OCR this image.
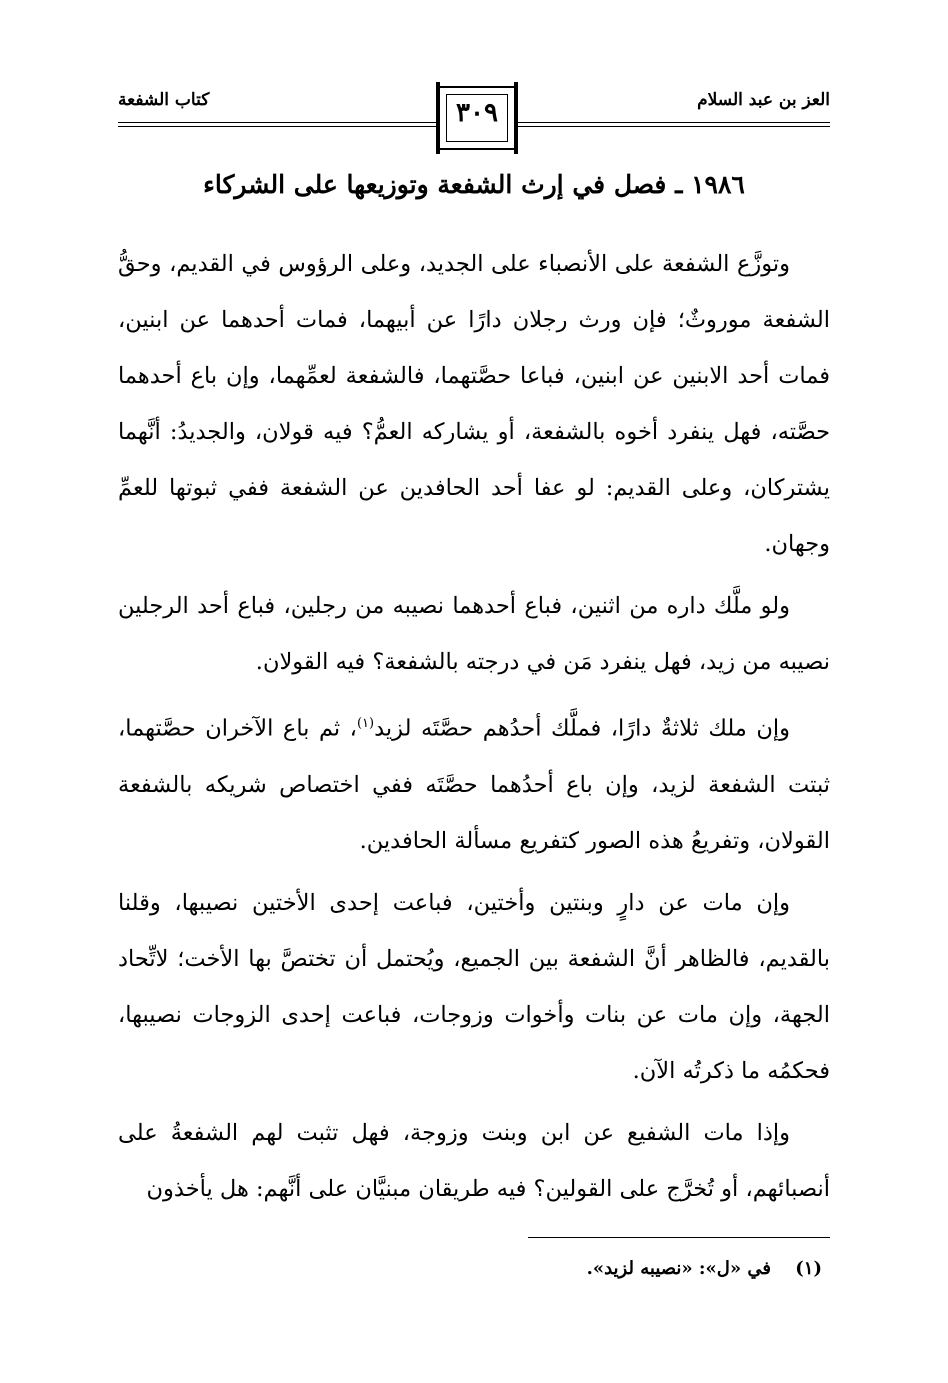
العز بن عبد السلام
كتاب الشفعة	٣٠٩
١٩٨٦ ـ فصل في إرث الشفعة وتوزيعها على الشركاء

وتوزَّع الشفعة على الأنصباء على الجديد، وعلى الرؤوس في القديم، وحقُّ الشفعة موروثٌ؛ فإن ورث رجلان دارًا عن أبيهما، فمات أحدهما عن ابنين، فمات أحد الابنين عن ابنين، فباعا حصَّتهما، فالشفعة لعمِّهما، وإن باع أحدهما حصَّته، فهل ينفرد أخوه بالشفعة، أو يشاركه العمُّ؟ فيه قولان، والجديدُ: أنَّهما يشتركان، وعلى القديم: لو عفا أحد الحافدين عن الشفعة ففي ثبوتها للعمِّ وجهان.

ولو ملَّك داره من اثنين، فباع أحدهما نصيبه من رجلين، فباع أحد الرجلين نصيبه من زيد، فهل ينفرد مَن في درجته بالشفعة؟ فيه القولان.

وإن ملك ثلاثةٌ دارًا، فملَّك أحدُهم حصَّتَه لزيد$^{(١)}$، ثم باع الآخران حصَّتهما، ثبتت الشفعة لزيد، وإن باع أحدُهما حصَّتَه ففي اختصاص شريكه بالشفعة القولان، وتفريعُ هذه الصور كتفريع مسألة الحافدين.

وإن مات عن دارٍ وبنتين وأختين، فباعت إحدى الأختين نصيبها، وقلنا بالقديم، فالظاهر أنَّ الشفعة بين الجميع، ويُحتمل أن تختصَّ بها الأخت؛ لاتِّحاد الجهة، وإن مات عن بنات وأخوات وزوجات، فباعت إحدى الزوجات نصيبها، فحكمُه ما ذكرتُه الآن.

وإذا مات الشفيع عن ابن وبنت وزوجة، فهل تثبت لهم الشفعةُ على أنصبائهم، أو تُخرَّج على القولين؟ فيه طريقان مبنيَّان على أنَّهم: هل يأخذون

(١) في «ل»: «نصيبه لزيد».
